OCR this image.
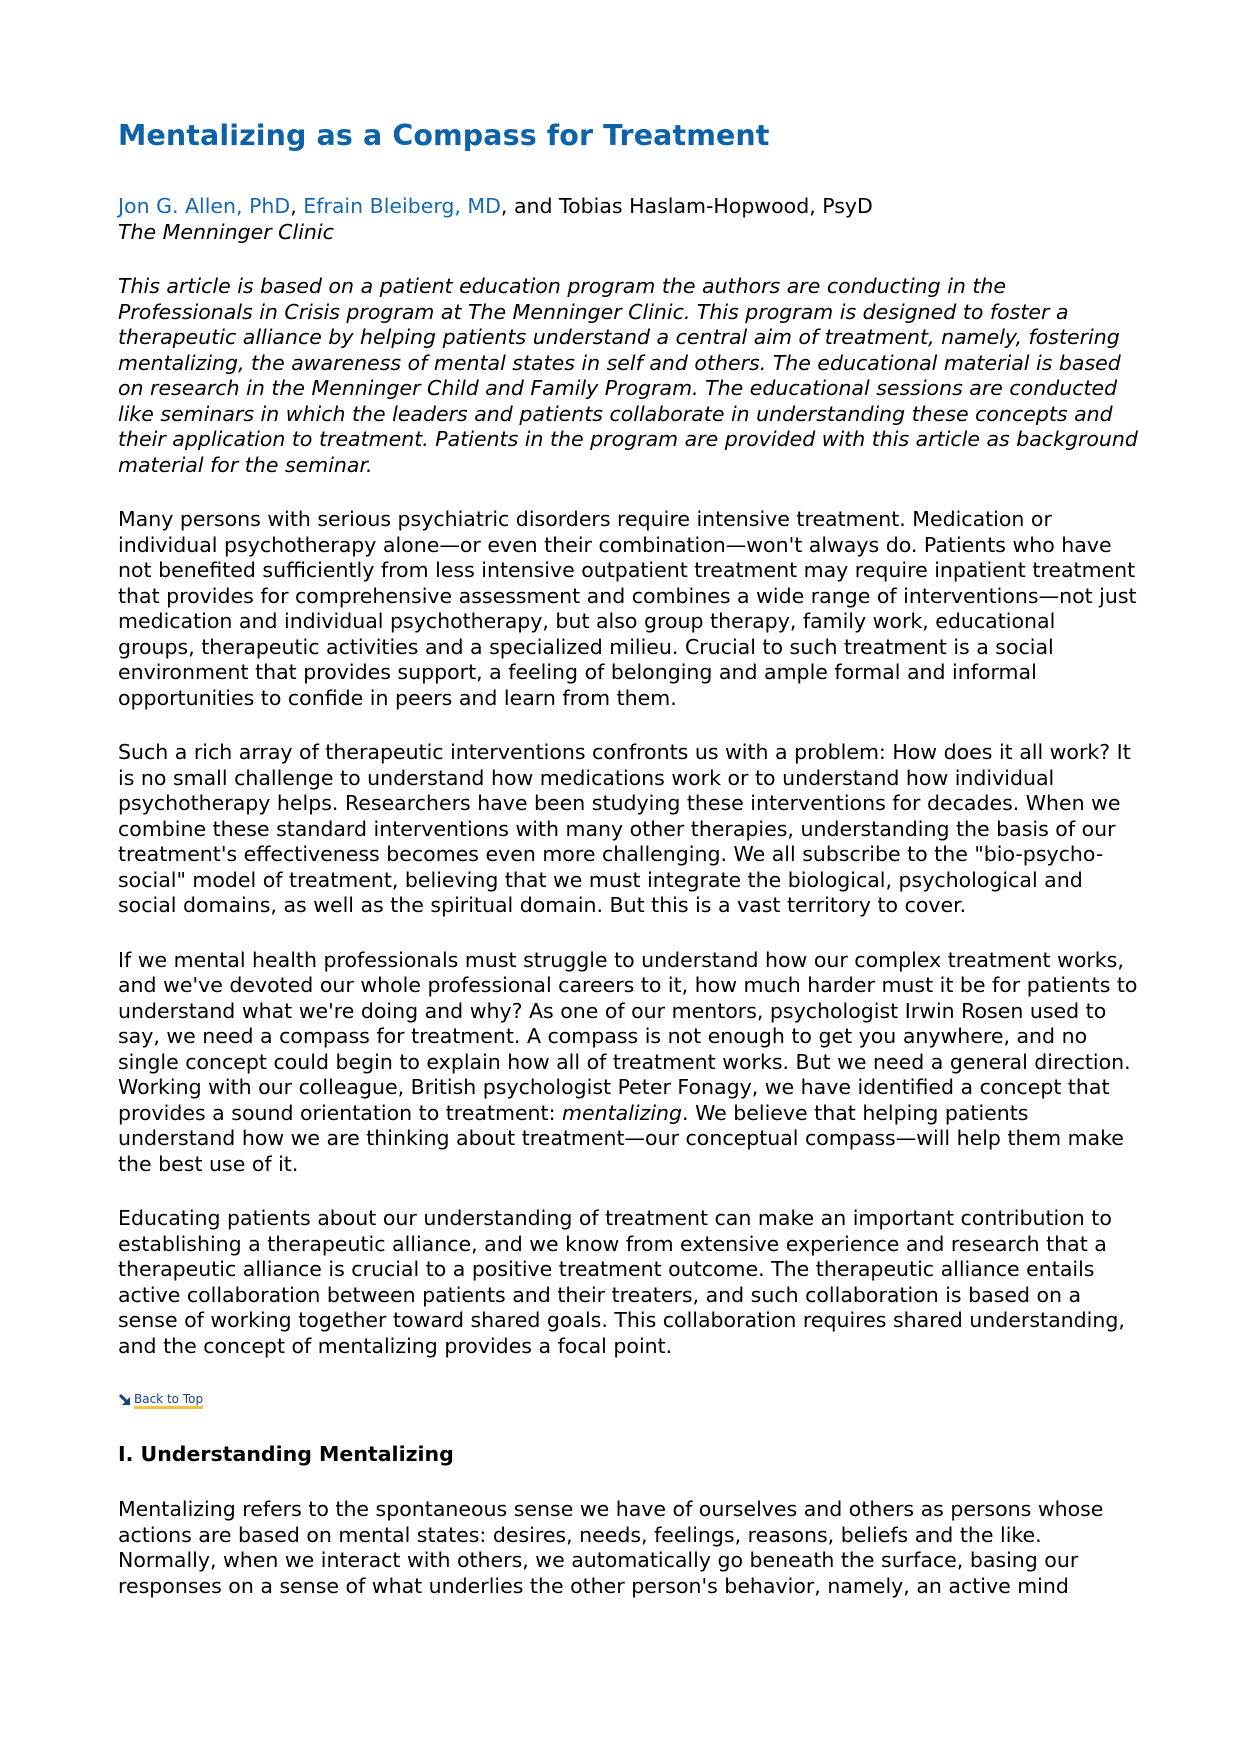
Mentalizing as a Compass for Treatment
Jon G. Allen, PhD, Efrain Bleiberg, MD, and Tobias Haslam-Hopwood, PsyD
The Menninger Clinic

This article is based on a patient education program the authors are conducting in the Professionals in Crisis program at The Menninger Clinic. This program is designed to foster a therapeutic alliance by helping patients understand a central aim of treatment, namely, fostering mentalizing, the awareness of mental states in self and others. The educational material is based on research in the Menninger Child and Family Program. The educational sessions are conducted like seminars in which the leaders and patients collaborate in understanding these concepts and their application to treatment. Patients in the program are provided with this article as background material for the seminar.

Many persons with serious psychiatric disorders require intensive treatment. Medication or individual psychotherapy alone—or even their combination—won't always do. Patients who have not benefited sufficiently from less intensive outpatient treatment may require inpatient treatment that provides for comprehensive assessment and combines a wide range of interventions—not just medication and individual psychotherapy, but also group therapy, family work, educational groups, therapeutic activities and a specialized milieu. Crucial to such treatment is a social environment that provides support, a feeling of belonging and ample formal and informal opportunities to confide in peers and learn from them.

Such a rich array of therapeutic interventions confronts us with a problem: How does it all work? It is no small challenge to understand how medications work or to understand how individual psychotherapy helps. Researchers have been studying these interventions for decades. When we combine these standard interventions with many other therapies, understanding the basis of our treatment's effectiveness becomes even more challenging. We all subscribe to the "bio-psycho-social" model of treatment, believing that we must integrate the biological, psychological and social domains, as well as the spiritual domain. But this is a vast territory to cover.

If we mental health professionals must struggle to understand how our complex treatment works, and we've devoted our whole professional careers to it, how much harder must it be for patients to understand what we're doing and why? As one of our mentors, psychologist Irwin Rosen used to say, we need a compass for treatment. A compass is not enough to get you anywhere, and no single concept could begin to explain how all of treatment works. But we need a general direction. Working with our colleague, British psychologist Peter Fonagy, we have identified a concept that provides a sound orientation to treatment: mentalizing. We believe that helping patients understand how we are thinking about treatment—our conceptual compass—will help them make the best use of it.

Educating patients about our understanding of treatment can make an important contribution to establishing a therapeutic alliance, and we know from extensive experience and research that a therapeutic alliance is crucial to a positive treatment outcome. The therapeutic alliance entails active collaboration between patients and their treaters, and such collaboration is based on a sense of working together toward shared goals. This collaboration requires shared understanding, and the concept of mentalizing provides a focal point.

Back to Top
I. Understanding Mentalizing

Mentalizing refers to the spontaneous sense we have of ourselves and others as persons whose actions are based on mental states: desires, needs, feelings, reasons, beliefs and the like. Normally, when we interact with others, we automatically go beneath the surface, basing our responses on a sense of what underlies the other person's behavior, namely, an active mind
